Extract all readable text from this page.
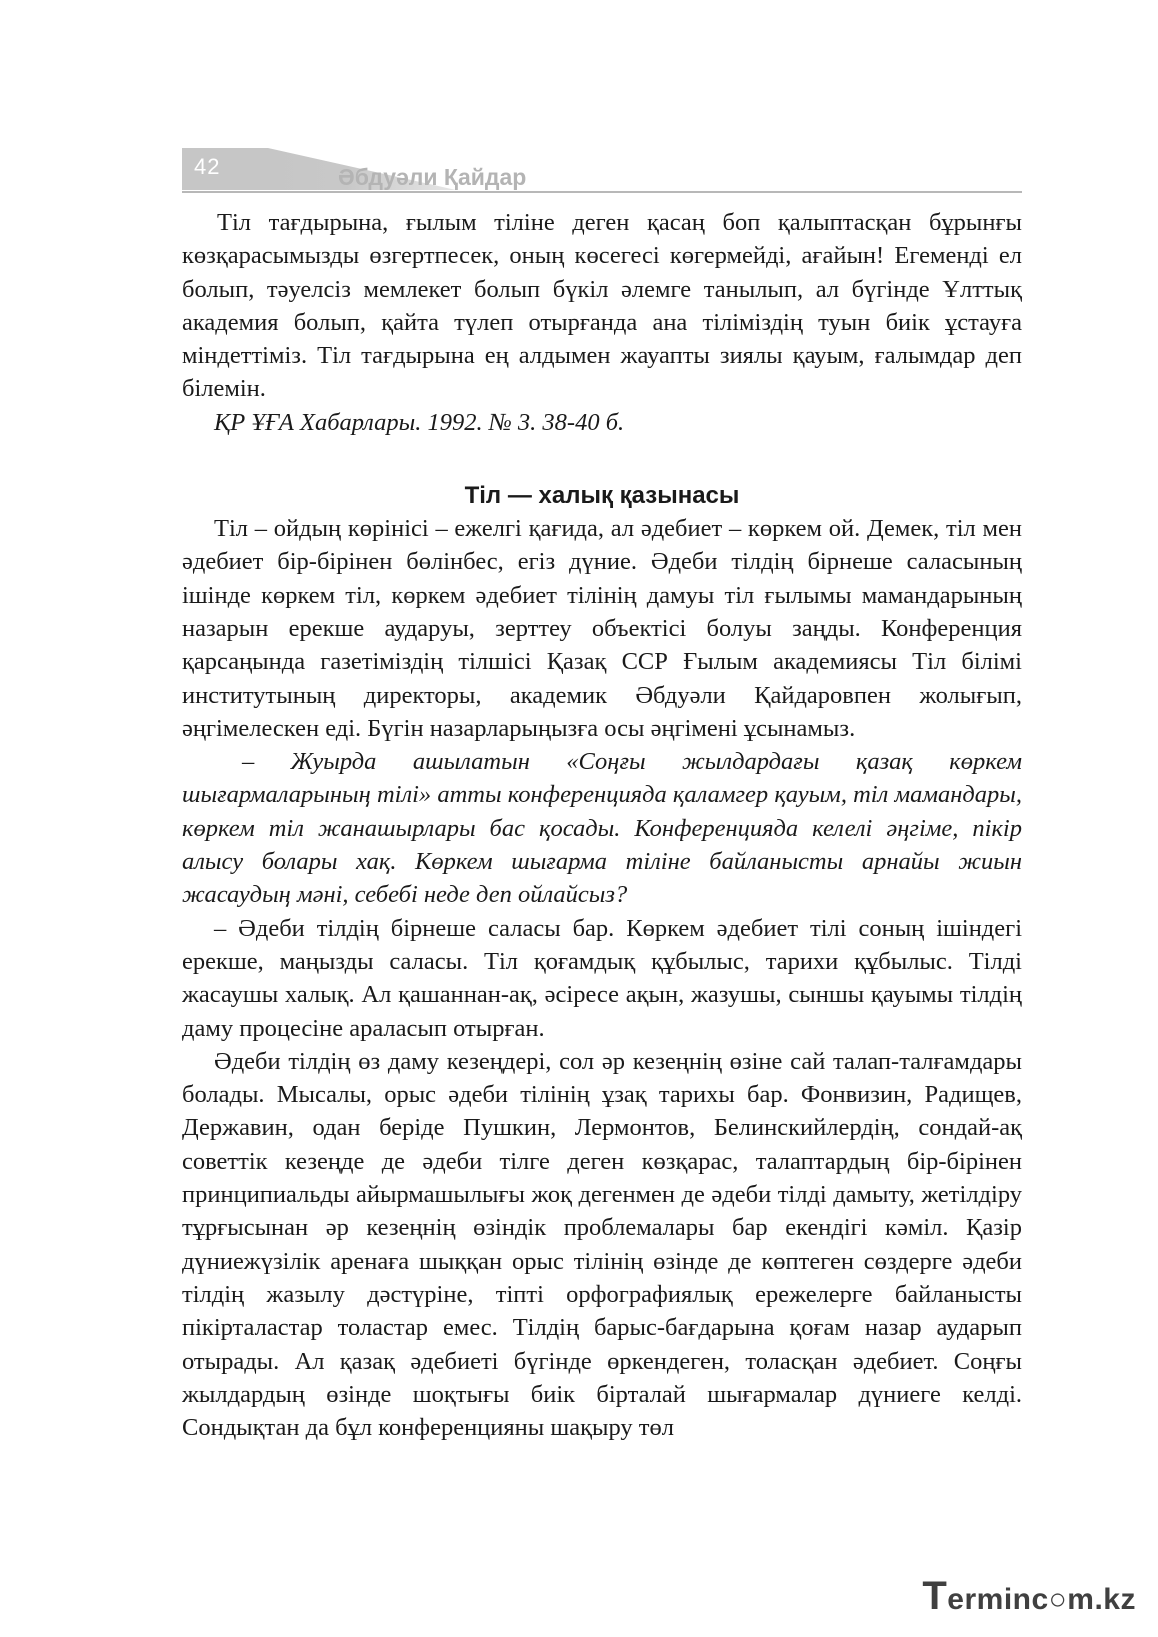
42	Әбдуәли Қайдар

Тіл тағдырына, ғылым тіліне деген қасаң боп қалыптасқан бұрынғы көзқарасымызды өзгертпесек, оның көсегесі көгермейді, ағайын! Егеменді ел болып, тәуелсіз мемлекет болып бүкіл әлемге танылып, ал бүгінде Ұлттық академия болып, қайта түлеп отырғанда ана тіліміздің туын биік ұстауға міндеттіміз. Тіл тағдырына ең алдымен жауапты зиялы қауым, ғалымдар деп білемін.

ҚР ҰҒА Хабарлары. 1992. № 3. 38-40 б.

Тіл — халық қазынасы

Тіл – ойдың көрінісі – ежелгі қағида, ал әдебиет – көркем ой. Демек, тіл мен әдебиет бір-бірінен бөлінбес, егіз дүние. Әдеби тілдің бірнеше саласының ішінде көркем тіл, көркем әдебиет тілінің дамуы тіл ғылымы мамандарының назарын ерекше аударуы, зерттеу объектісі болуы заңды. Конференция қарсаңында газетіміздің тілшісі Қазақ ССР Ғылым академиясы Тіл білімі институтының директоры, академик Әбдуәли Қайдаровпен жолығып, әңгімелескен еді. Бүгін назарларыңызға осы әңгімені ұсынамыз.

– Жуырда ашылатын «Соңғы жылдардағы қазақ көркем шығармаларының тілі» атты конференцияда қаламгер қауым, тіл мамандары, көркем тіл жанашырлары бас қосады. Конференцияда келелі әңгіме, пікір алысу болары хақ. Көркем шығарма тіліне байланысты арнайы жиын жасаудың мәні, себебі неде деп ойлайсыз?

– Әдеби тілдің бірнеше саласы бар. Көркем әдебиет тілі соның ішіндегі ерекше, маңызды саласы. Тіл қоғамдық құбылыс, тарихи құбылыс. Тілді жасаушы халық. Ал қашаннан-ақ, әсіресе ақын, жазушы, сыншы қауымы тілдің даму процесіне араласып отырған.

Әдеби тілдің өз даму кезеңдері, сол әр кезеңнің өзіне сай талап-талғамдары болады. Мысалы, орыс әдеби тілінің ұзақ тарихы бар. Фонвизин, Радищев, Державин, одан беріде Пушкин, Лермонтов, Белинскийлердің, сондай-ақ советтік кезеңде де әдеби тілге деген көзқарас, талаптардың бір-бірінен принципиальды айырмашылығы жоқ дегенмен де әдеби тілді дамыту, жетілдіру тұрғысынан әр кезеңнің өзіндік проблемалары бар екендігі кәміл. Қазір дүниежүзілік аренаға шыққан орыс тілінің өзінде де көптеген сөздерге әдеби тілдің жазылу дәстүріне, тіпті орфографиялық ережелерге байланысты пікірталастар толастар емес. Тілдің барыс-бағдарына қоғам назар аударып отырады. Ал қазақ әдебиеті бүгінде өркендеген, толасқан әдебиет. Соңғы жылдардың өзінде шоқтығы биік бірталай шығармалар дүниеге келді. Сондықтан да бұл конференцияны шақыру төл

Terminc○m.kz
